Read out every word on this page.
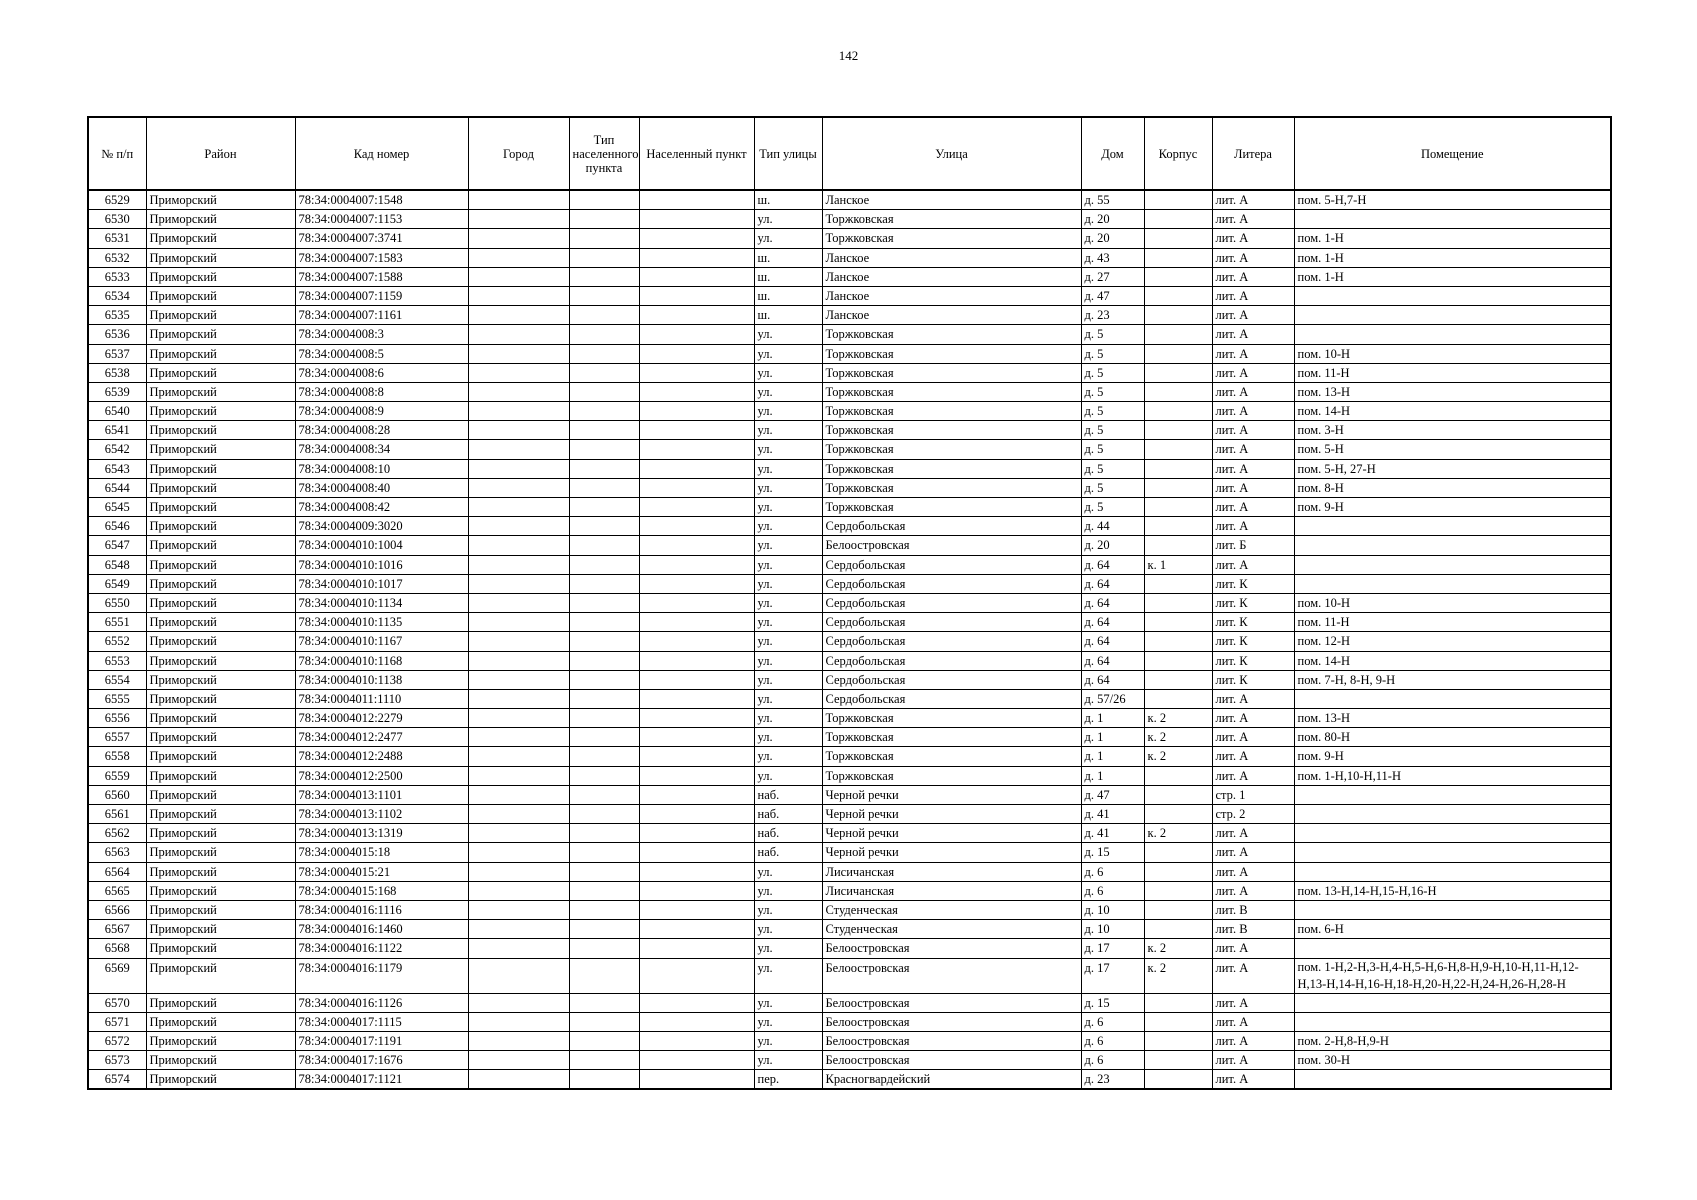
142
№ п/п	Район	Кад номер	Город	Тип населенного пункта	Населенный пункт	Тип улицы	Улица	Дом	Корпус	Литера	Помещение
6529	Приморский	78:34:0004007:1548				ш.	Ланское	д. 55		лит. А	пом. 5-Н,7-Н
6530	Приморский	78:34:0004007:1153				ул.	Торжковская	д. 20		лит. А	
6531	Приморский	78:34:0004007:3741				ул.	Торжковская	д. 20		лит. А	пом. 1-Н
6532	Приморский	78:34:0004007:1583				ш.	Ланское	д. 43		лит. А	пом. 1-Н
6533	Приморский	78:34:0004007:1588				ш.	Ланское	д. 27		лит. А	пом. 1-Н
6534	Приморский	78:34:0004007:1159				ш.	Ланское	д. 47		лит. А	
6535	Приморский	78:34:0004007:1161				ш.	Ланское	д. 23		лит. А	
6536	Приморский	78:34:0004008:3				ул.	Торжковская	д. 5		лит. А	
6537	Приморский	78:34:0004008:5				ул.	Торжковская	д. 5		лит. А	пом. 10-Н
6538	Приморский	78:34:0004008:6				ул.	Торжковская	д. 5		лит. А	пом. 11-Н
6539	Приморский	78:34:0004008:8				ул.	Торжковская	д. 5		лит. А	пом. 13-Н
6540	Приморский	78:34:0004008:9				ул.	Торжковская	д. 5		лит. А	пом. 14-Н
6541	Приморский	78:34:0004008:28				ул.	Торжковская	д. 5		лит. А	пом. 3-Н
6542	Приморский	78:34:0004008:34				ул.	Торжковская	д. 5		лит. А	пом. 5-Н
6543	Приморский	78:34:0004008:10				ул.	Торжковская	д. 5		лит. А	пом. 5-Н, 27-Н
6544	Приморский	78:34:0004008:40				ул.	Торжковская	д. 5		лит. А	пом. 8-Н
6545	Приморский	78:34:0004008:42				ул.	Торжковская	д. 5		лит. А	пом. 9-Н
6546	Приморский	78:34:0004009:3020				ул.	Сердобольская	д. 44		лит. А	
6547	Приморский	78:34:0004010:1004				ул.	Белоостровская	д. 20		лит. Б	
6548	Приморский	78:34:0004010:1016				ул.	Сердобольская	д. 64	к. 1	лит. А	
6549	Приморский	78:34:0004010:1017				ул.	Сердобольская	д. 64		лит. К	
6550	Приморский	78:34:0004010:1134				ул.	Сердобольская	д. 64		лит. К	пом. 10-Н
6551	Приморский	78:34:0004010:1135				ул.	Сердобольская	д. 64		лит. К	пом. 11-Н
6552	Приморский	78:34:0004010:1167				ул.	Сердобольская	д. 64		лит. К	пом. 12-Н
6553	Приморский	78:34:0004010:1168				ул.	Сердобольская	д. 64		лит. К	пом. 14-Н
6554	Приморский	78:34:0004010:1138				ул.	Сердобольская	д. 64		лит. К	пом. 7-Н, 8-Н, 9-Н
6555	Приморский	78:34:0004011:1110				ул.	Сердобольская	д. 57/26		лит. А	
6556	Приморский	78:34:0004012:2279				ул.	Торжковская	д. 1	к. 2	лит. А	пом. 13-Н
6557	Приморский	78:34:0004012:2477				ул.	Торжковская	д. 1	к. 2	лит. А	пом. 80-Н
6558	Приморский	78:34:0004012:2488				ул.	Торжковская	д. 1	к. 2	лит. А	пом. 9-Н
6559	Приморский	78:34:0004012:2500				ул.	Торжковская	д. 1		лит. А	пом. 1-Н,10-Н,11-Н
6560	Приморский	78:34:0004013:1101				наб.	Черной речки	д. 47		стр. 1	
6561	Приморский	78:34:0004013:1102				наб.	Черной речки	д. 41		стр. 2	
6562	Приморский	78:34:0004013:1319				наб.	Черной речки	д. 41	к. 2	лит. А	
6563	Приморский	78:34:0004015:18				наб.	Черной речки	д. 15		лит. А	
6564	Приморский	78:34:0004015:21				ул.	Лисичанская	д. 6		лит. А	
6565	Приморский	78:34:0004015:168				ул.	Лисичанская	д. 6		лит. А	пом. 13-Н,14-Н,15-Н,16-Н
6566	Приморский	78:34:0004016:1116				ул.	Студенческая	д. 10		лит. В	
6567	Приморский	78:34:0004016:1460				ул.	Студенческая	д. 10		лит. В	пом. 6-Н
6568	Приморский	78:34:0004016:1122				ул.	Белоостровская	д. 17	к. 2	лит. А	
6569	Приморский	78:34:0004016:1179				ул.	Белоостровская	д. 17	к. 2	лит. А	пом. 1-Н,2-Н,3-Н,4-Н,5-Н,6-Н,8-Н,9-Н,10-Н,11-Н,12-Н,13-Н,14-Н,16-Н,18-Н,20-Н,22-Н,24-Н,26-Н,28-Н
6570	Приморский	78:34:0004016:1126				ул.	Белоостровская	д. 15		лит. А	
6571	Приморский	78:34:0004017:1115				ул.	Белоостровская	д. 6		лит. А	
6572	Приморский	78:34:0004017:1191				ул.	Белоостровская	д. 6		лит. А	пом. 2-Н,8-Н,9-Н
6573	Приморский	78:34:0004017:1676				ул.	Белоостровская	д. 6		лит. А	пом. 30-Н
6574	Приморский	78:34:0004017:1121				пер.	Красногвардейский	д. 23		лит. А	
